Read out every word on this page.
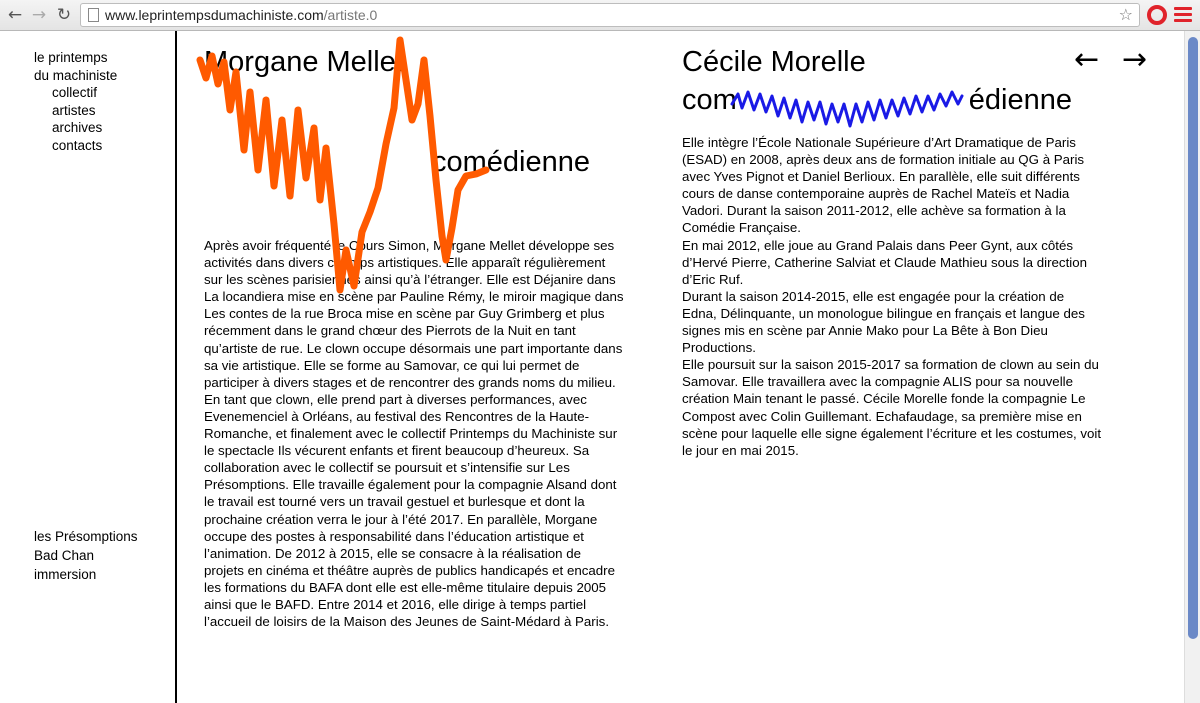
← → ↻ www.leprintempsdumachiniste.com/artiste.0	☆
le printemps
du machiniste
collectif
artistes
archives
contacts
les Présomptions
Bad Chan
immersion
Morgane Mellet
comédienne

Après avoir fréquenté le Cours Simon, Morgane Mellet développe ses activités dans divers champs artistiques. Elle apparaît régulièrement sur les scènes parisiennes ainsi qu’à l’étranger. Elle est Déjanire dans La locandiera mise en scène par Pauline Rémy, le miroir magique dans Les contes de la rue Broca mise en scène par Guy Grimberg et plus récemment dans le grand chœur des Pierrots de la Nuit en tant qu’artiste de rue. Le clown occupe désormais une part importante dans sa vie artistique. Elle se forme au Samovar, ce qui lui permet de participer à divers stages et de rencontrer des grands noms du milieu. En tant que clown, elle prend part à diverses performances, avec Evenemenciel à Orléans, au festival des Rencontres de la Haute-Romanche, et finalement avec le collectif Printemps du Machiniste sur le spectacle Ils vécurent enfants et firent beaucoup d’heureux. Sa collaboration avec le collectif se poursuit et s’intensifie sur Les Présomptions. Elle travaille également pour la compagnie Alsand dont le travail est tourné vers un travail gestuel et burlesque et dont la prochaine création verra le jour à l’été 2017. En parallèle, Morgane occupe des postes à responsabilité dans l’éducation artistique et l’animation. De 2012 à 2015, elle se consacre à la réalisation de projets en cinéma et théâtre auprès de publics handicapés et encadre les formations du BAFA dont elle est elle-même titulaire depuis 2005 ainsi que le BAFD. Entre 2014 et 2016, elle dirige à temps partiel l’accueil de loisirs de la Maison des Jeunes de Saint-Médard à Paris.

Cécile Morelle
com	édienne

Elle intègre l’École Nationale Supérieure d’Art Dramatique de Paris (ESAD) en 2008, après deux ans de formation initiale au QG à Paris avec Yves Pignot et Daniel Berlioux. En parallèle, elle suit différents cours de danse contemporaine auprès de Rachel Mateïs et Nadia Vadori. Durant la saison 2011-2012, elle achève sa formation à la Comédie Française.

En mai 2012, elle joue au Grand Palais dans Peer Gynt, aux côtés d’Hervé Pierre, Catherine Salviat et Claude Mathieu sous la direction d’Eric Ruf.

Durant la saison 2014-2015, elle est engagée pour la création de Edna, Délinquante, un monologue bilingue en français et langue des signes mis en scène par Annie Mako pour La Bête à Bon Dieu Productions.

Elle poursuit sur la saison 2015-2017 sa formation de clown au sein du Samovar. Elle travaillera avec la compagnie ALIS pour sa nouvelle création Main tenant le passé. Cécile Morelle fonde la compagnie Le Compost avec Colin Guillemant. Echafaudage, sa première mise en scène pour laquelle elle signe également l’écriture et les costumes, voit le jour en mai 2015.

← →
